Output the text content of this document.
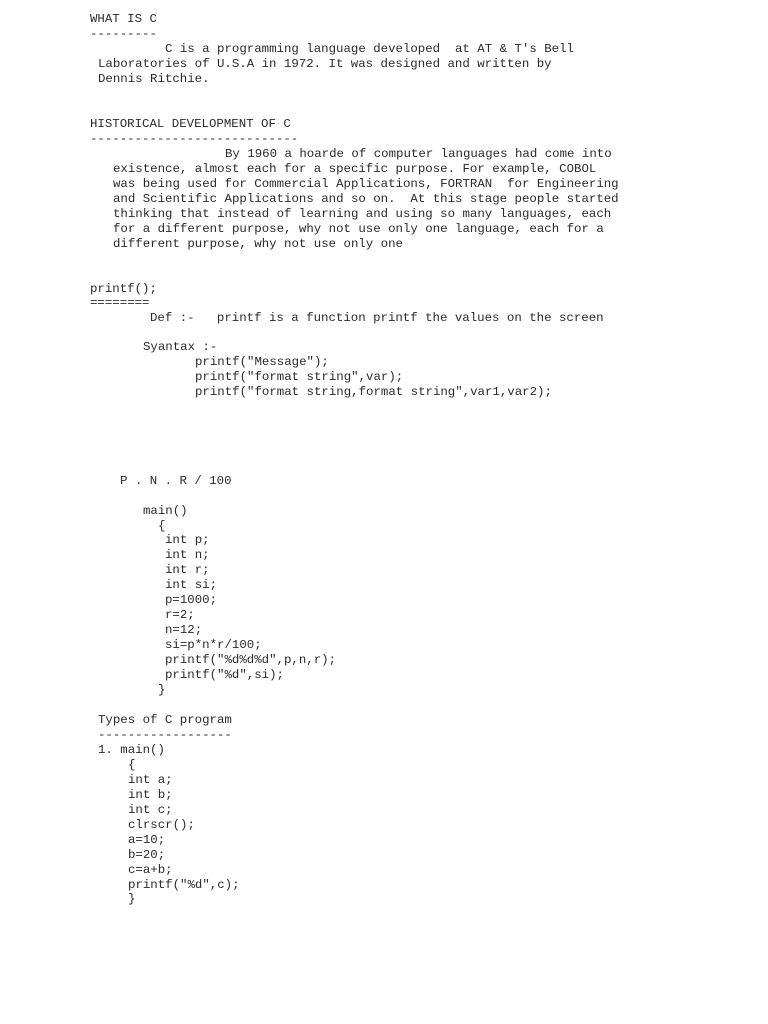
WHAT IS C
---------
C is a programming language developed  at AT & T's Bell
Laboratories of U.S.A in 1972. It was designed and written by
Dennis Ritchie.
HISTORICAL DEVELOPMENT OF C
----------------------------
By 1960 a hoarde of computer languages had come into
existence, almost each for a specific purpose. For example, COBOL
was being used for Commercial Applications, FORTRAN  for Engineering
and Scientific Applications and so on.  At this stage people started
thinking that instead of learning and using so many languages, each
for a different purpose, why not use only one language, each for a
different purpose, why not use only one
printf();
========
Def :-   printf is a function printf the values on the screen
Syantax :-
printf("Message");
printf("format string",var);
printf("format string,format string",var1,var2);
P . N . R / 100
main()
{
int p;
int n;
int r;
int si;
p=1000;
r=2;
n=12;
si=p*n*r/100;
printf("%d%d%d",p,n,r);
printf("%d",si);
}
Types of C program
------------------
1. main()
{
int a;
int b;
int c;
clrscr();
a=10;
b=20;
c=a+b;
printf("%d",c);
}
